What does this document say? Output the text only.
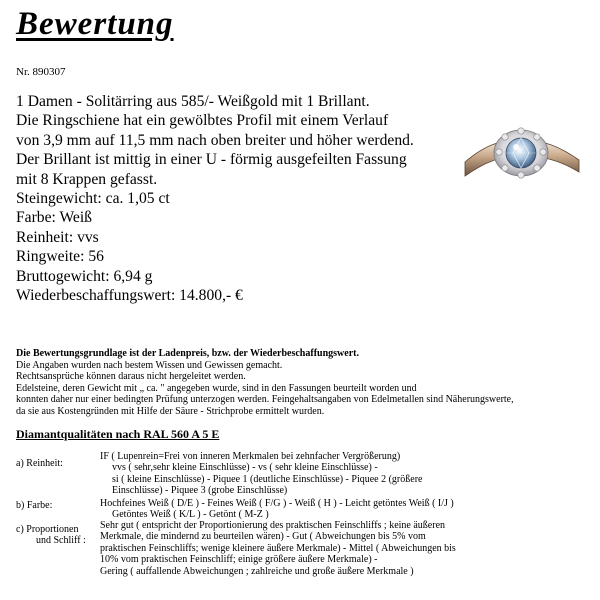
Bewertung
Nr. 890307
1 Damen - Solitärring aus 585/- Weißgold mit 1 Brillant.
Die Ringschiene hat ein gewölbtes Profil mit einem Verlauf
von 3,9 mm auf 11,5 mm nach oben breiter und höher werdend.
Der Brillant ist mittig in einer U - förmig ausgefeilten Fassung
mit 8 Krappen gefasst.
Steingewicht: ca. 1,05 ct
Farbe: Weiß
Reinheit: vvs
Ringweite: 56
Bruttogewicht: 6,94 g
Wiederbeschaffungswert: 14.800,- €
Die Bewertungsgrundlage ist der Ladenpreis, bzw. der Wiederbeschaffungswert.
Die Angaben wurden nach bestem Wissen und Gewissen gemacht.
Rechtsansprüche können daraus nicht hergeleitet werden.
Edelsteine, deren Gewicht mit „ ca. " angegeben wurde, sind in den Fassungen beurteilt worden und
konnten daher nur einer bedingten Prüfung unterzogen werden. Feingehaltsangaben von Edelmetallen sind Näherungswerte,
da sie aus Kostengründen mit Hilfe der Säure - Strichprobe ermittelt wurden.
Diamantqualitäten nach RAL 560 A 5 E
a) Reinheit:
IF ( Lupenrein=Frei von inneren Merkmalen bei zehnfacher Vergrößerung)
vvs ( sehr,sehr kleine Einschlüsse) - vs ( sehr kleine Einschlüsse) -
si ( kleine Einschlüsse) - Piquee 1 (deutliche Einschlüsse) - Piquee 2 (größere
Einschlüsse) - Piquee 3 (grobe Einschlüsse)
b) Farbe:	Hochfeines Weiß ( D/E ) - Feines Weiß ( F/G ) - Weiß ( H ) - Leicht getöntes Weiß ( I/J )
Getöntes Weiß ( K/L ) - Getönt ( M-Z )
c) Proportionen
und Schliff :
Sehr gut ( entspricht der Proportionierung des praktischen Feinschliffs ; keine äußeren
Merkmale, die mindernd zu beurteilen wären) - Gut ( Abweichungen bis 5% vom
praktischen Feinschliffs; wenige kleinere äußere Merkmale) - Mittel ( Abweichungen bis
10% vom praktischen Feinschliff; einige größere äußere Merkmale) -
Gering ( auffallende Abweichungen ; zahlreiche und große äußere Merkmale )
